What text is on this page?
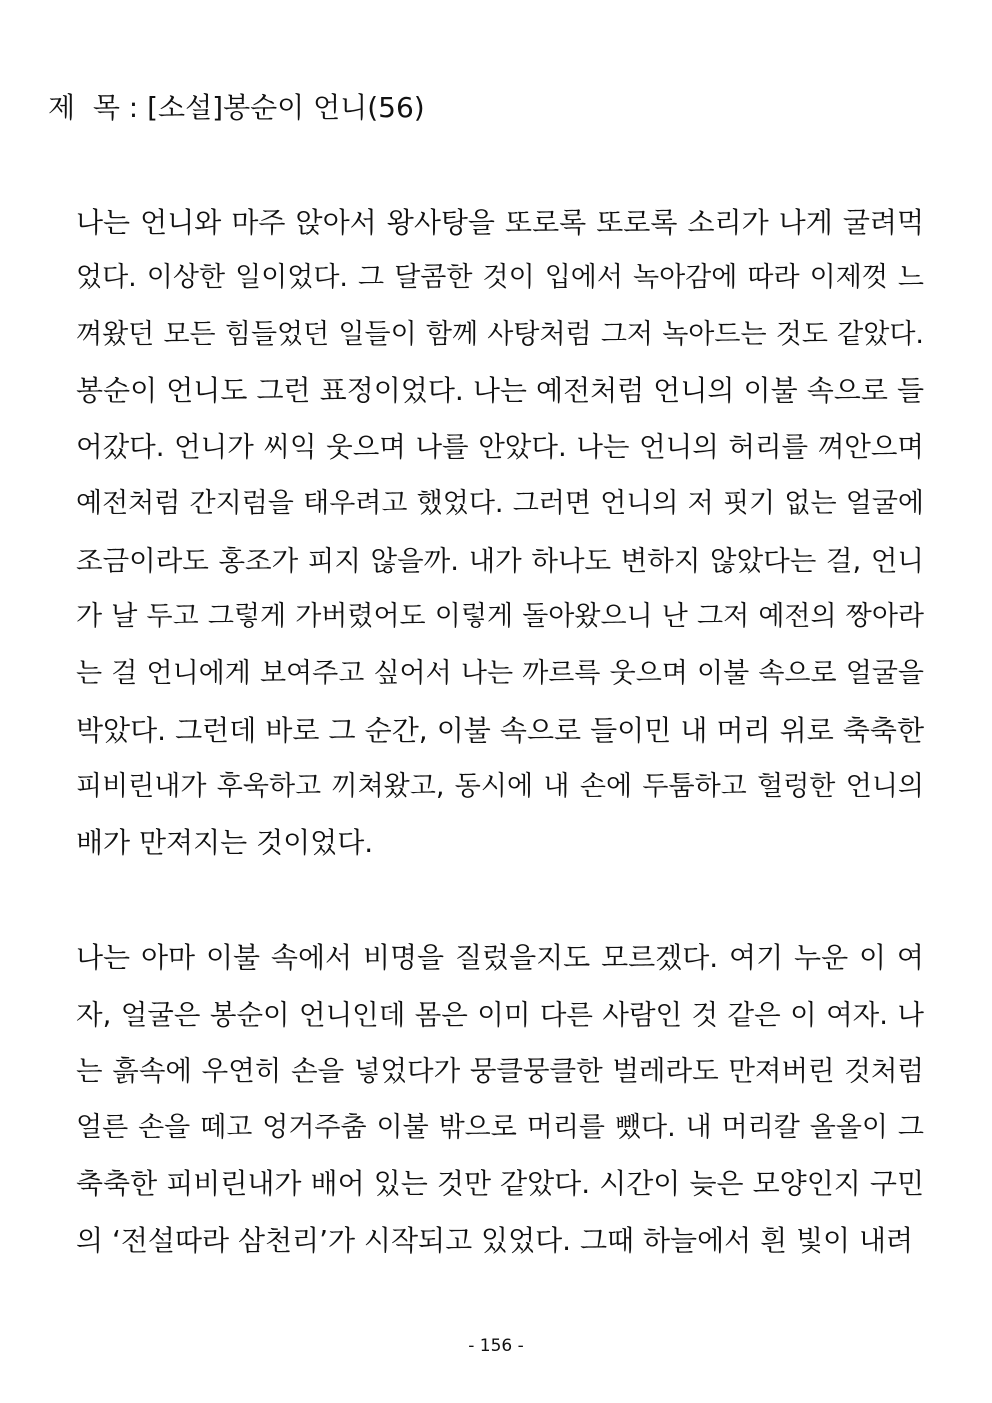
제  목 : [소설]봉순이 언니(56)
나는 언니와 마주 앉아서 왕사탕을 또로록 또로록 소리가 나게 굴려먹
었다. 이상한 일이었다. 그 달콤한 것이 입에서 녹아감에 따라 이제껏 느
껴왔던 모든 힘들었던 일들이 함께 사탕처럼 그저 녹아드는 것도 같았다.
봉순이 언니도 그런 표정이었다. 나는 예전처럼 언니의 이불 속으로 들
어갔다. 언니가 씨익 웃으며 나를 안았다. 나는 언니의 허리를 껴안으며
예전처럼 간지럼을 태우려고 했었다. 그러면 언니의 저 핏기 없는 얼굴에
조금이라도 홍조가 피지 않을까. 내가 하나도 변하지 않았다는 걸, 언니
가 날 두고 그렇게 가버렸어도 이렇게 돌아왔으니 난 그저 예전의 짱아라
는 걸 언니에게 보여주고 싶어서 나는 까르륵 웃으며 이불 속으로 얼굴을
박았다. 그런데 바로 그 순간, 이불 속으로 들이민 내 머리 위로 축축한
피비린내가 후욱하고 끼쳐왔고, 동시에 내 손에 두툼하고 헐렁한 언니의
배가 만져지는 것이었다.
나는 아마 이불 속에서 비명을 질렀을지도 모르겠다. 여기 누운 이 여
자, 얼굴은 봉순이 언니인데 몸은 이미 다른 사람인 것 같은 이 여자. 나
는 흙속에 우연히 손을 넣었다가 뭉클뭉클한 벌레라도 만져버린 것처럼
얼른 손을 떼고 엉거주춤 이불 밖으로 머리를 뺐다. 내 머리칼 올올이 그
축축한 피비린내가 배어 있는 것만 같았다. 시간이 늦은 모양인지 구민
의 ‘전설따라 삼천리’가 시작되고 있었다. 그때 하늘에서 흰 빛이 내려
- 156 -
